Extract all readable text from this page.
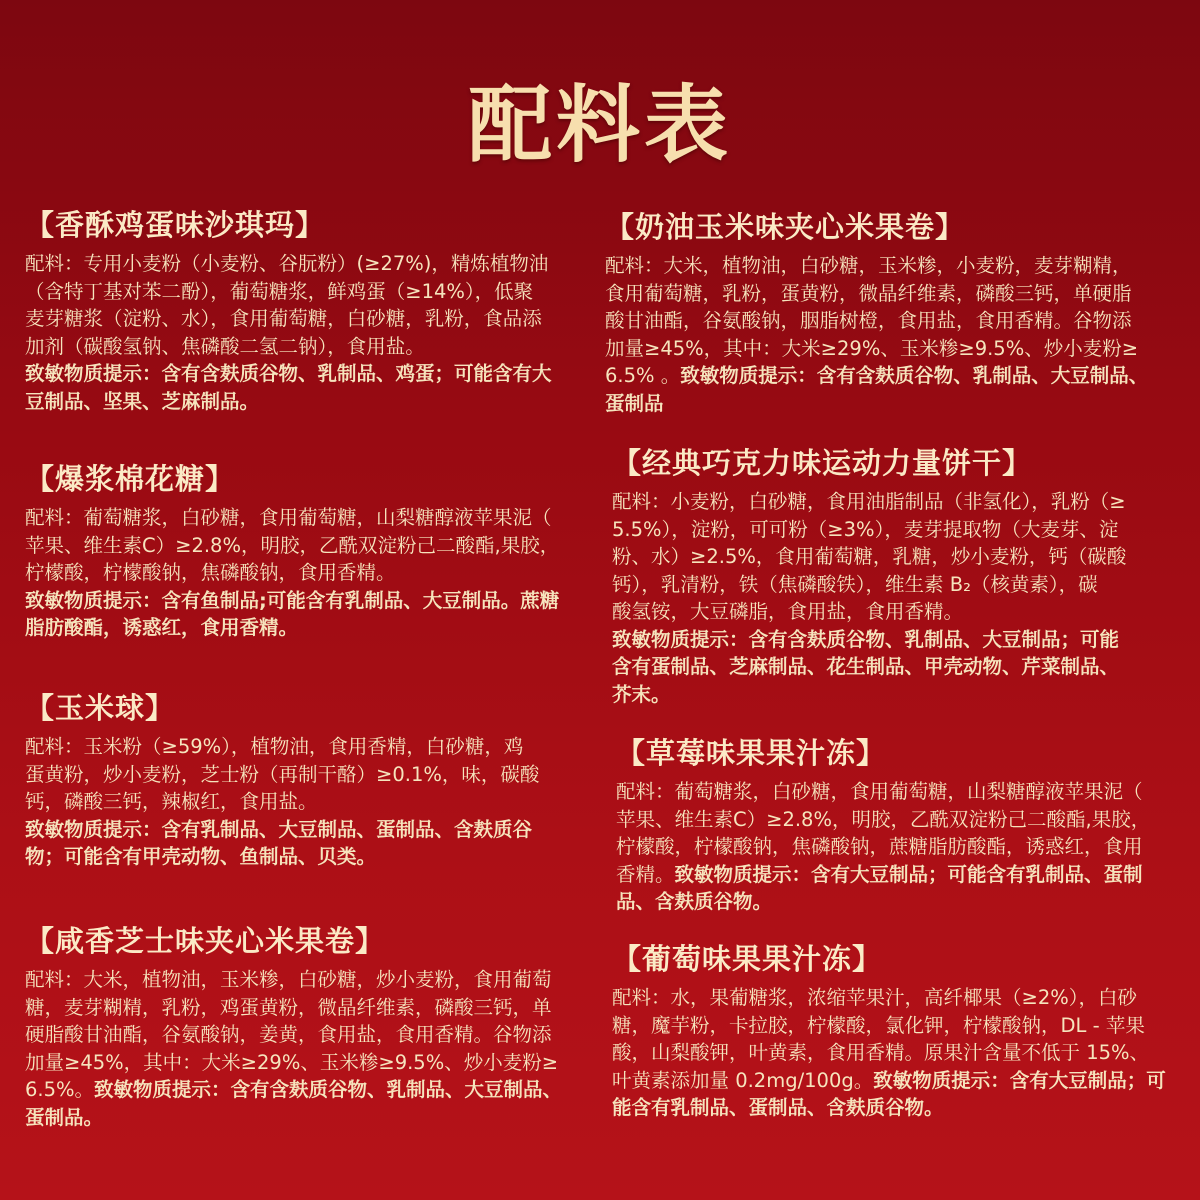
配料表
【香酥鸡蛋味沙琪玛】
配料：专用小麦粉（小麦粉、谷朊粉）(≥27%)，精炼植物油
（含特丁基对苯二酚），葡萄糖浆，鲜鸡蛋（≥14%），低聚
麦芽糖浆（淀粉、水），食用葡萄糖，白砂糖，乳粉，食品添
加剂（碳酸氢钠、焦磷酸二氢二钠），食用盐。
致敏物质提示：含有含麸质谷物、乳制品、鸡蛋；可能含有大
豆制品、坚果、芝麻制品。
【爆浆棉花糖】
配料：葡萄糖浆，白砂糖，食用葡萄糖，山梨糖醇液苹果泥（
苹果、维生素C）≥2.8%，明胶，乙酰双淀粉己二酸酯,果胶，
柠檬酸，柠檬酸钠，焦磷酸钠，食用香精。
致敏物质提示：含有鱼制品;可能含有乳制品、大豆制品。蔗糖
脂肪酸酯，诱惑红，食用香精。
【玉米球】
配料：玉米粉（≥59%），植物油，食用香精，白砂糖，鸡
蛋黄粉，炒小麦粉，芝士粉（再制干酪）≥0.1%，味，碳酸
钙，磷酸三钙，辣椒红，食用盐。
致敏物质提示：含有乳制品、大豆制品、蛋制品、含麸质谷
物；可能含有甲壳动物、鱼制品、贝类。
【咸香芝士味夹心米果卷】
配料：大米，植物油，玉米糁，白砂糖，炒小麦粉，食用葡萄
糖，麦芽糊精，乳粉，鸡蛋黄粉，微晶纤维素，磷酸三钙，单
硬脂酸甘油酯，谷氨酸钠，姜黄，食用盐，食用香精。谷物添
加量≥45%，其中：大米≥29%、玉米糁≥9.5%、炒小麦粉≥
6.5%。致敏物质提示：含有含麸质谷物、乳制品、大豆制品、
蛋制品。
【奶油玉米味夹心米果卷】
配料：大米，植物油，白砂糖，玉米糁，小麦粉，麦芽糊精，
食用葡萄糖，乳粉，蛋黄粉，微晶纤维素，磷酸三钙，单硬脂
酸甘油酯，谷氨酸钠，胭脂树橙，食用盐，食用香精。谷物添
加量≥45%，其中：大米≥29%、玉米糁≥9.5%、炒小麦粉≥
6.5% 。致敏物质提示：含有含麸质谷物、乳制品、大豆制品、
蛋制品
【经典巧克力味运动力量饼干】
配料：小麦粉，白砂糖，食用油脂制品（非氢化），乳粉（≥
5.5%），淀粉，可可粉（≥3%），麦芽提取物（大麦芽、淀
粉、水）≥2.5%，食用葡萄糖，乳糖，炒小麦粉，钙（碳酸
钙），乳清粉，铁（焦磷酸铁），维生素 B₂（核黄素），碳
酸氢铵，大豆磷脂，食用盐，食用香精。
致敏物质提示：含有含麸质谷物、乳制品、大豆制品；可能
含有蛋制品、芝麻制品、花生制品、甲壳动物、芹菜制品、
芥末。
【草莓味果果汁冻】
配料：葡萄糖浆，白砂糖，食用葡萄糖，山梨糖醇液苹果泥（
苹果、维生素C）≥2.8%，明胶，乙酰双淀粉己二酸酯,果胶，
柠檬酸，柠檬酸钠，焦磷酸钠，蔗糖脂肪酸酯，诱惑红，食用
香精。致敏物质提示：含有大豆制品；可能含有乳制品、蛋制
品、含麸质谷物。
【葡萄味果果汁冻】
配料：水，果葡糖浆，浓缩苹果汁，高纤椰果（≥2%），白砂
糖，魔芋粉，卡拉胶，柠檬酸，氯化钾，柠檬酸钠，DL - 苹果
酸，山梨酸钾，叶黄素，食用香精。原果汁含量不低于 15%、
叶黄素添加量 0.2mg/100g。致敏物质提示：含有大豆制品；可
能含有乳制品、蛋制品、含麸质谷物。
